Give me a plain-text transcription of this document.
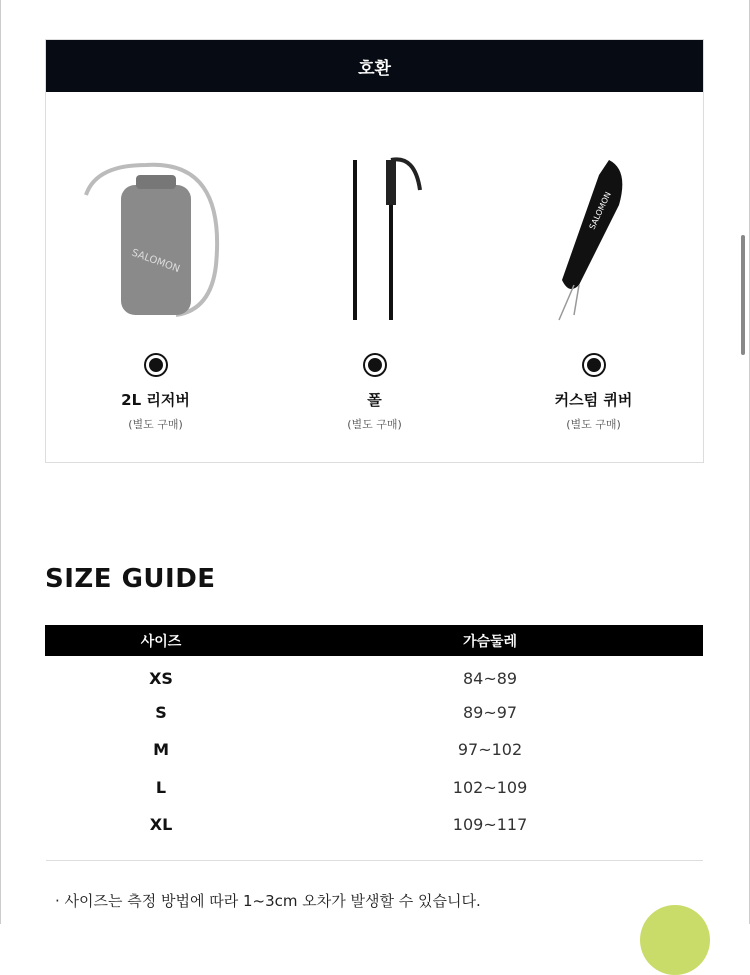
호환
SALOMON
2L 리저버
(별도 구매)
폴
(별도 구매)
SALOMON
커스텀 퀴버
(별도 구매)
SIZE GUIDE
사이즈	가슴둘레
XS	84~89
S	89~97
M	97~102
L	102~109
XL	109~117
· 사이즈는 측정 방법에 따라 1~3cm 오차가 발생할 수 있습니다.
